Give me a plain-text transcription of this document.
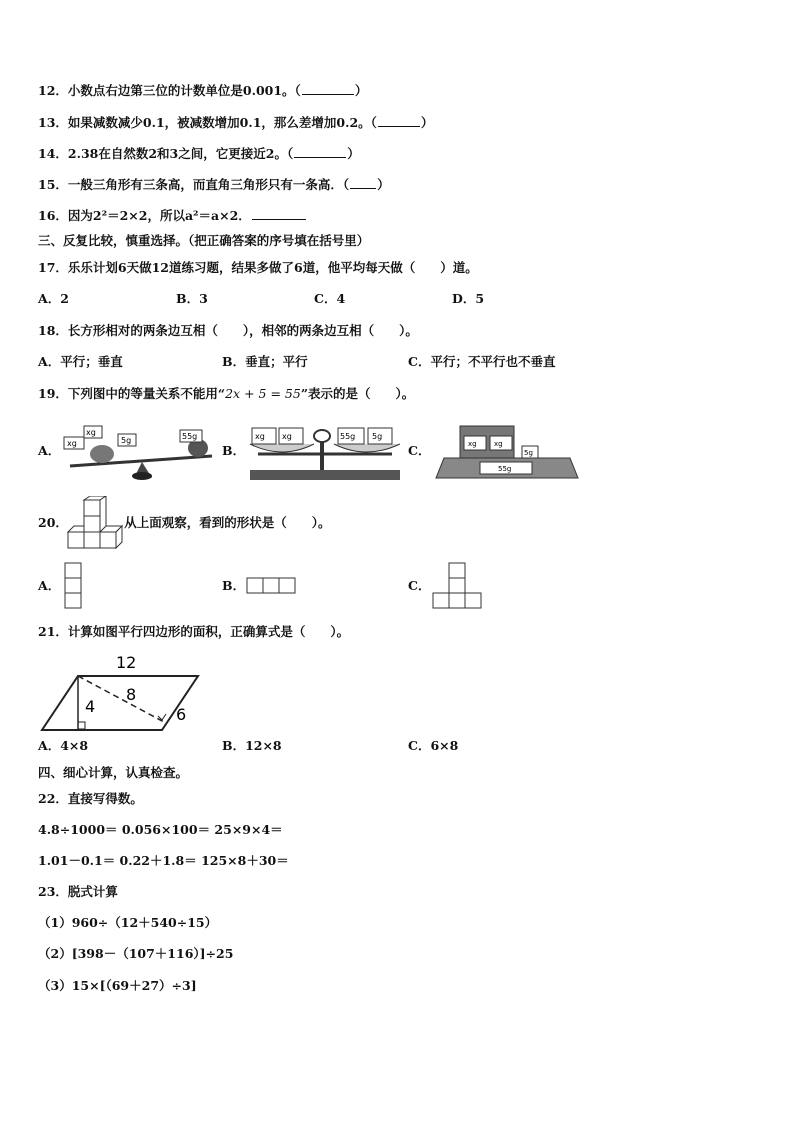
12．小数点右边第三位的计数单位是0.001。（	）
13．如果减数减少0.1，被减数增加0.1，那么差增加0.2。（	）
14．2.38在自然数2和3之间，它更接近2。（	）
15．一般三角形有三条高，而直角三角形只有一条高．（ ）
16．因为2²＝2×2，所以a²＝a×2．
三、反复比较，慎重选择。（把正确答案的序号填在括号里）
17．乐乐计划6天做12道练习题，结果多做了6道，他平均每天做（　　）道。
A．2	B．3	C．4	D．5
18．长方形相对的两条边互相（　　），相邻的两条边互相（　　）。
A．平行；垂直	B．垂直；平行	C．平行；不平行也不垂直
19．下列图中的等量关系不能用“2x + 5 = 55”表示的是（　　）。
A．	B．	C．
xg
xg
5g	55g	xg xg	55g 5g
55g
xg xg
5g
20．	从上面观察，看到的形状是（　　）。
A．	B．	C．
21．计算如图平行四边形的面积，正确算式是（　　）。
12
4
8
6
A．4×8	B．12×8	C．6×8
四、细心计算，认真检查。
22．直接写得数。
4.8÷1000＝ 0.056×100＝ 25×9×4＝
1.01－0.1＝ 0.22＋1.8＝ 125×8＋30＝
23．脱式计算
（1）960÷（12＋540÷15）
（2）[398－（107＋116）]÷25
（3）15×[（69＋27）÷3]
